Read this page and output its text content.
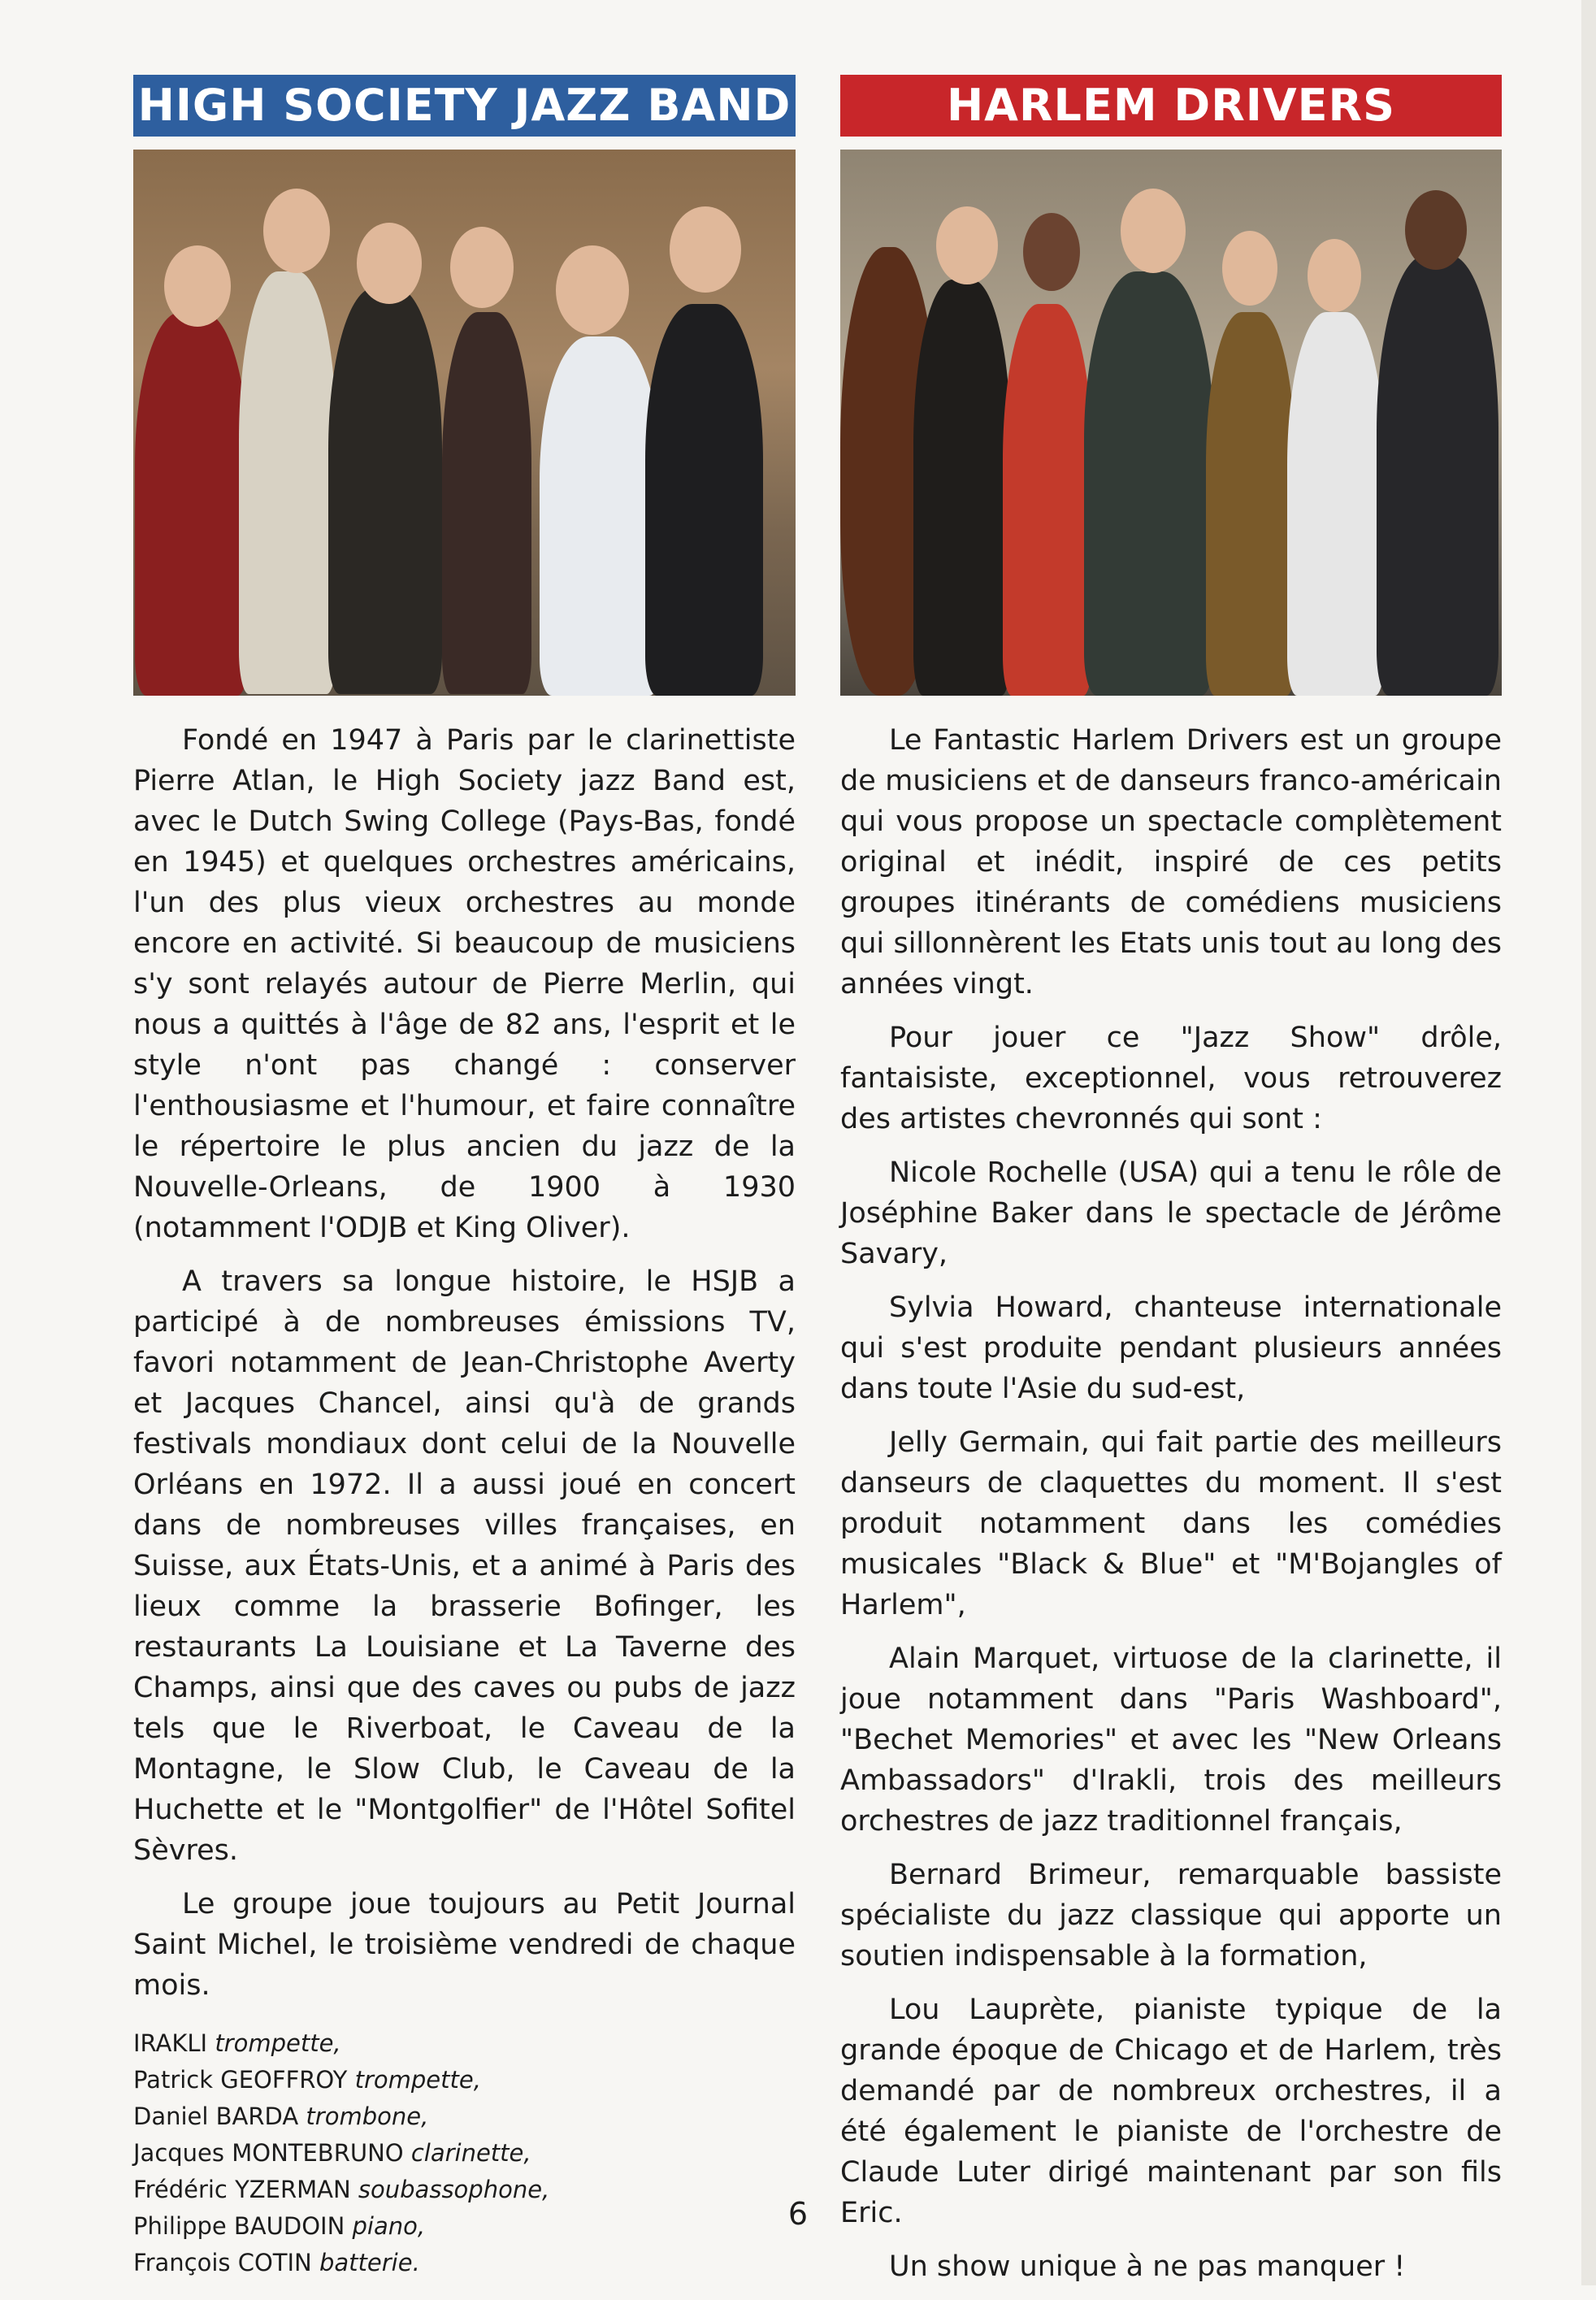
HIGH SOCIETY JAZZ BAND

Fondé en 1947 à Paris par le clarinettiste Pierre Atlan, le High Society jazz Band est, avec le Dutch Swing College (Pays-Bas, fondé en 1945) et quelques orchestres américains, l'un des plus vieux orchestres au monde encore en activité. Si beaucoup de musiciens s'y sont relayés autour de Pierre Merlin, qui nous a quittés à l'âge de 82 ans, l'esprit et le style n'ont pas changé : conserver l'enthousiasme et l'humour, et faire connaître le répertoire le plus ancien du jazz de la Nouvelle-Orleans, de 1900 à 1930 (notamment l'ODJB et King Oliver).

A travers sa longue histoire, le HSJB a participé à de nombreuses émissions TV, favori notamment de Jean-Christophe Averty et Jacques Chancel, ainsi qu'à de grands festivals mondiaux dont celui de la Nouvelle Orléans en 1972. Il a aussi joué en concert dans de nombreuses villes françaises, en Suisse, aux États-Unis, et a animé à Paris des lieux comme la brasserie Bofinger, les restaurants La Louisiane et La Taverne des Champs, ainsi que des caves ou pubs de jazz tels que le Riverboat, le Caveau de la Montagne, le Slow Club, le Caveau de la Huchette et le "Montgolfier" de l'Hôtel Sofitel Sèvres.

Le groupe joue toujours au Petit Journal Saint Michel, le troisième vendredi de chaque mois.

IRAKLI trompette,
Patrick GEOFFROY trompette,
Daniel BARDA trombone,
Jacques MONTEBRUNO clarinette,
Frédéric YZERMAN soubassophone,
Philippe BAUDOIN piano,
François COTIN batterie.
HARLEM DRIVERS

Le Fantastic Harlem Drivers est un groupe de musiciens et de danseurs franco-américain qui vous propose un spectacle complètement original et inédit, inspiré de ces petits groupes itinérants de comédiens musiciens qui sillonnèrent les Etats unis tout au long des années vingt.

Pour jouer ce "Jazz Show" drôle, fantaisiste, exceptionnel, vous retrouverez des artistes chevronnés qui sont :

Nicole Rochelle (USA) qui a tenu le rôle de Joséphine Baker dans le spectacle de Jérôme Savary,

Sylvia Howard, chanteuse internationale qui s'est produite pendant plusieurs années dans toute l'Asie du sud-est,

Jelly Germain, qui fait partie des meilleurs danseurs de claquettes du moment. Il s'est produit notamment dans les comédies musicales "Black & Blue" et "M'Bojangles of Harlem",

Alain Marquet, virtuose de la clarinette, il joue notamment dans "Paris Washboard", "Bechet Memories" et avec les "New Orleans Ambassadors" d'Irakli, trois des meilleurs orchestres de jazz traditionnel français,

Bernard Brimeur, remarquable bassiste spécialiste du jazz classique qui apporte un soutien indispensable à la formation,

Lou Lauprète, pianiste typique de la grande époque de Chicago et de Harlem, très demandé par de nombreux orchestres, il a été également le pianiste de l'orchestre de Claude Luter dirigé maintenant par son fils Eric.

Un show unique à ne pas manquer !

6
